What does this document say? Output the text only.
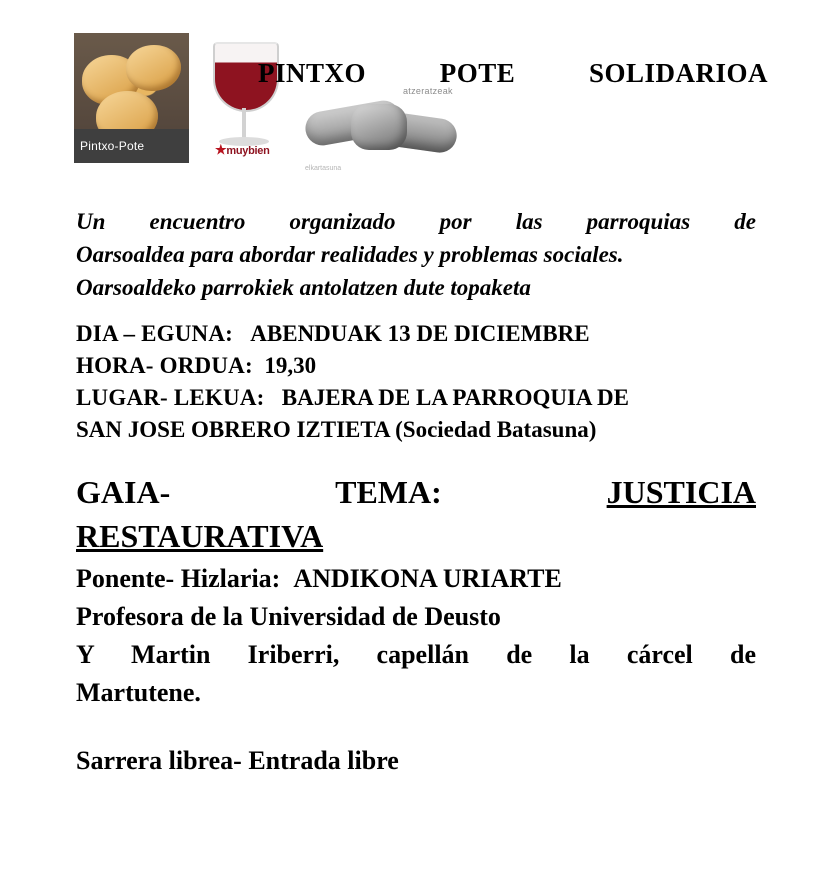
Pintxo-Pote	★muybien
atzeratzeak
elkartasuna
PINTXO	POTE	SOLIDARIOA

Un encuentro organizado por las parroquias de
Oarsoaldea para abordar realidades y problemas sociales.
Oarsoaldeko parrokiek antolatzen dute topaketa

DIA – EGUNA: ABENDUAK 13 DE DICIEMBRE
HORA- ORDUA: 19,30
LUGAR- LEKUA: BAJERA DE LA PARROQUIA DE
SAN JOSE OBRERO IZTIETA (Sociedad Batasuna)
GAIA-	TEMA:	JUSTICIA
RESTAURATIVA
Ponente- Hizlaria: ANDIKONA URIARTE
Profesora de la Universidad de Deusto
Y Martin Iriberri, capellán de la cárcel de
Martutene.
Sarrera librea- Entrada libre
